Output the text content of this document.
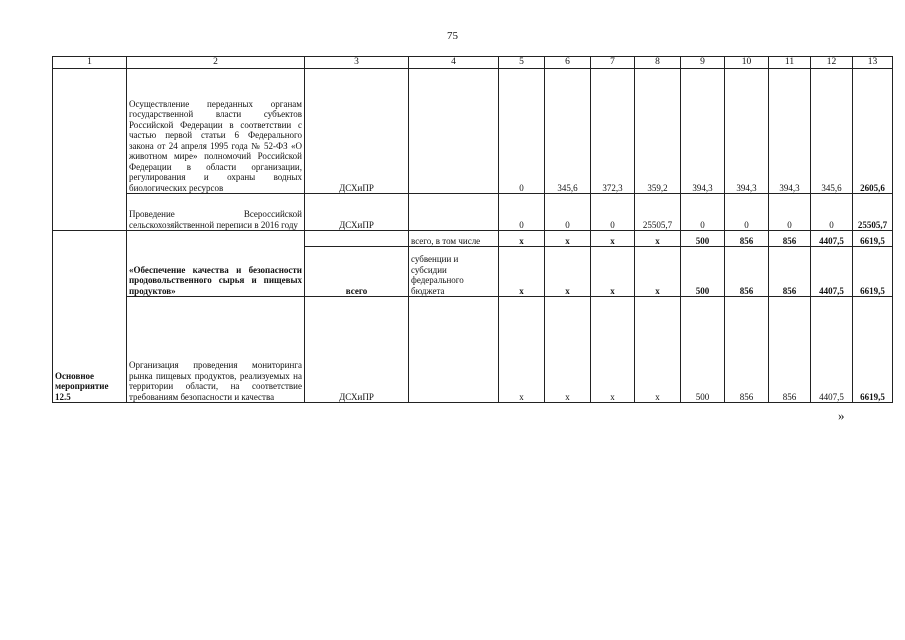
75
1	2	3	4	5	6	7	8	9	10	11	12	13
	Осуществление переданных органам государственной власти субъектов Российской Федерации в соответствии с частью первой статьи 6 Федерального закона от 24 апреля 1995 года № 52-ФЗ «О животном мире» полномочий Российской Федерации в области организации, регулирования и охраны водных биологических ресурсов	ДСХиПР		0	345,6	372,3	359,2	394,3	394,3	394,3	345,6	2605,6
	Проведение Всероссийской сельскохозяйственной переписи в 2016 году	ДСХиПР		0	0	0	25505,7	0	0	0	0	25505,7
Основное мероприятие 12.5	«Обеспечение качества и безопасности продовольственного сырья и пищевых продуктов»		всего, в том числе	x	x	x	x	500	856	856	4407,5	6619,5
		всего	субвенции и субсидии федерального бюджета	x	x	x	x	500	856	856	4407,5	6619,5
	Организация проведения мониторинга рынка пищевых продуктов, реализуемых на территории области, на соответствие требованиям безопасности и качества	ДСХиПР		x	x	x	x	500	856	856	4407,5	6619,5
»
